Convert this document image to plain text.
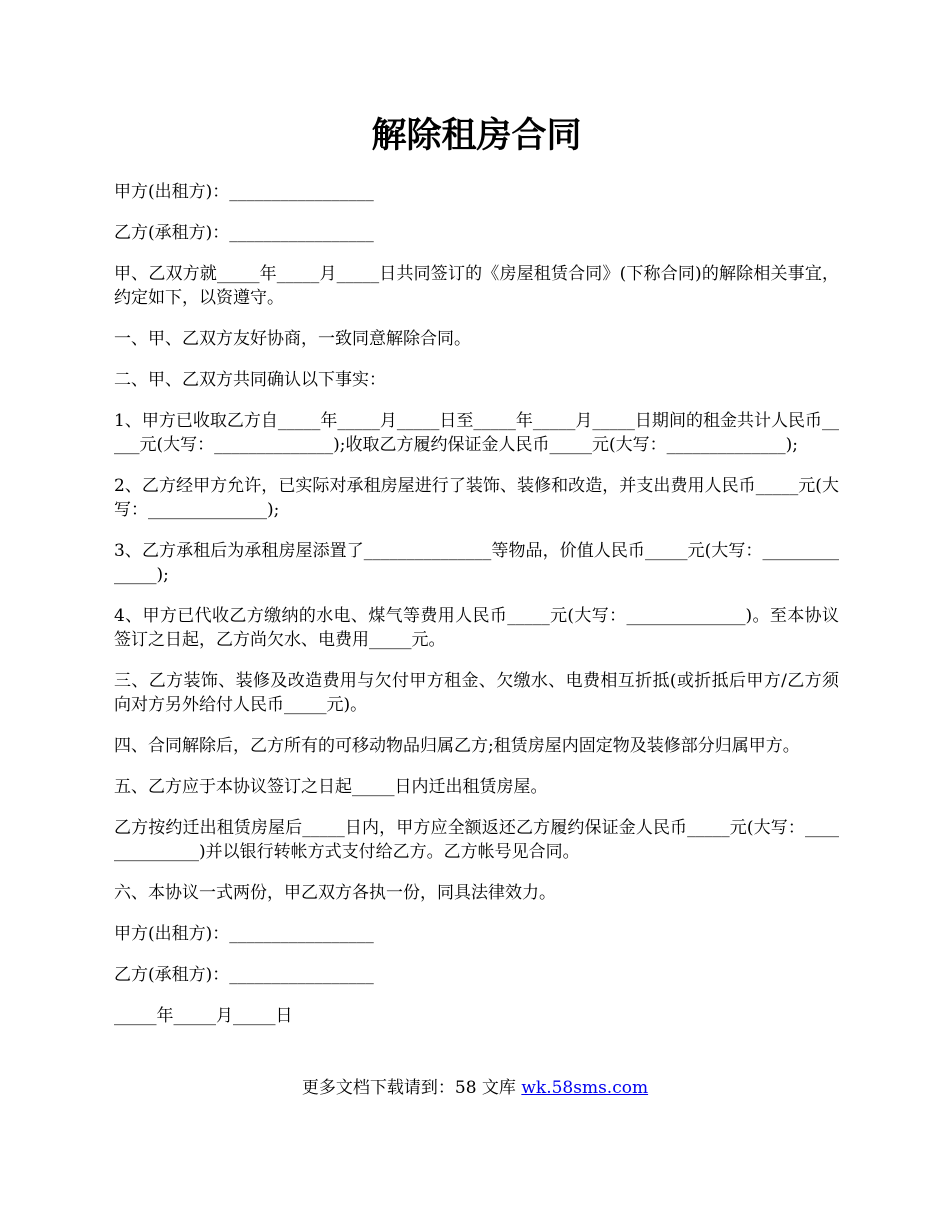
解除租房合同

甲方(出租方)：_________________

乙方(承租方)：_________________

甲、乙双方就_____年_____月_____日共同签订的《房屋租赁合同》(下称合同)的解除相关事宜，约定如下，以资遵守。

一、甲、乙双方友好协商，一致同意解除合同。

二、甲、乙双方共同确认以下事实：

1、甲方已收取乙方自_____年_____月_____日至_____年_____月_____日期间的租金共计人民币_____元(大写：______________);收取乙方履约保证金人民币_____元(大写：______________);

2、乙方经甲方允许，已实际对承租房屋进行了装饰、装修和改造，并支出费用人民币_____元(大写：______________);

3、乙方承租后为承租房屋添置了_______________等物品，价值人民币_____元(大写：______________);

4、甲方已代收乙方缴纳的水电、煤气等费用人民币_____元(大写：______________)。至本协议签订之日起，乙方尚欠水、电费用_____元。

三、乙方装饰、装修及改造费用与欠付甲方租金、欠缴水、电费相互折抵(或折抵后甲方/乙方须向对方另外给付人民币_____元)。

四、合同解除后，乙方所有的可移动物品归属乙方;租赁房屋内固定物及装修部分归属甲方。

五、乙方应于本协议签订之日起_____日内迁出租赁房屋。

乙方按约迁出租赁房屋后_____日内，甲方应全额返还乙方履约保证金人民币_____元(大写：______________)并以银行转帐方式支付给乙方。乙方帐号见合同。

六、本协议一式两份，甲乙双方各执一份，同具法律效力。

甲方(出租方)：_________________

乙方(承租方)：_________________

_____年_____月_____日

更多文档下载请到：58 文库 wk.58sms.com
